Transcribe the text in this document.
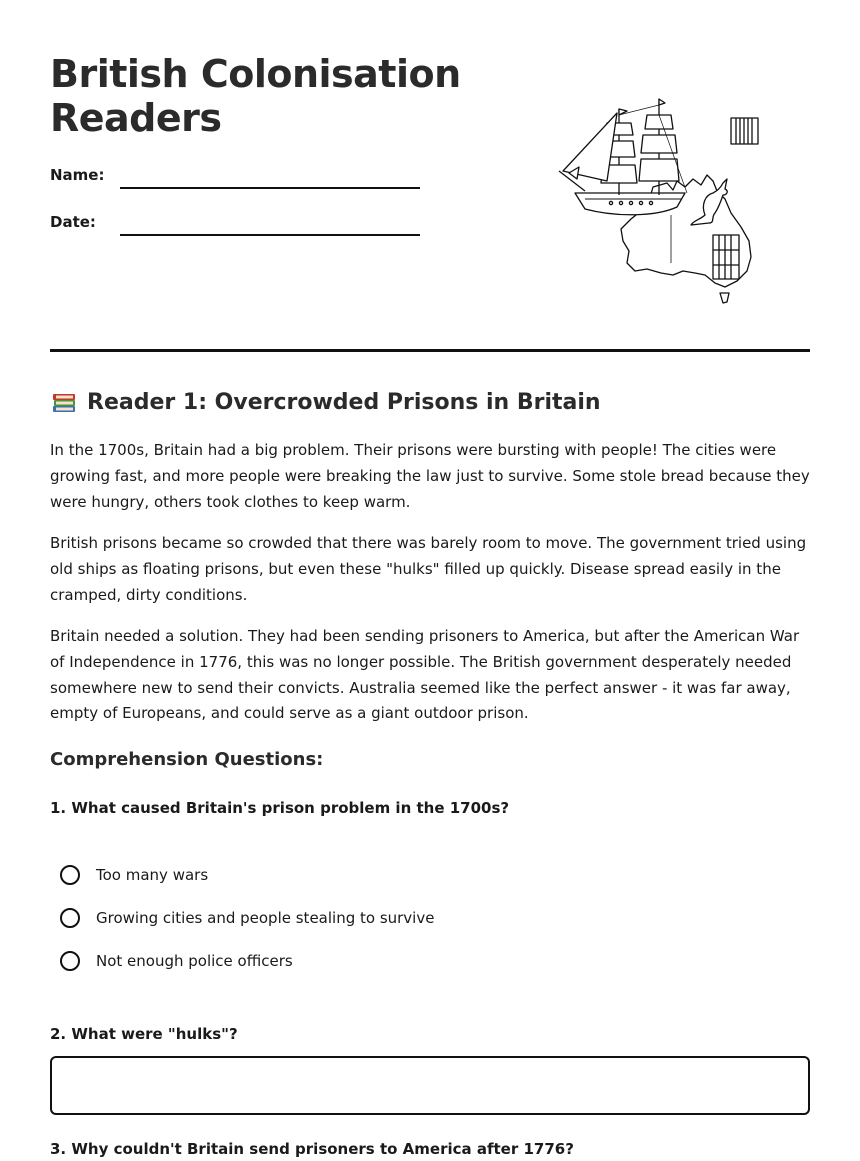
British Colonisation
Readers
Name:
Date:
Reader 1: Overcrowded Prisons in Britain

In the 1700s, Britain had a big problem. Their prisons were bursting with people! The cities were growing fast, and more people were breaking the law just to survive. Some stole bread because they were hungry, others took clothes to keep warm.

British prisons became so crowded that there was barely room to move. The government tried using old ships as floating prisons, but even these "hulks" filled up quickly. Disease spread easily in the cramped, dirty conditions.

Britain needed a solution. They had been sending prisoners to America, but after the American War of Independence in 1776, this was no longer possible. The British government desperately needed somewhere new to send their convicts. Australia seemed like the perfect answer - it was far away, empty of Europeans, and could serve as a giant outdoor prison.

Comprehension Questions:

1. What caused Britain's prison problem in the 1700s?

Too many wars
Growing cities and people stealing to survive
Not enough police officers

2. What were "hulks"?

3. Why couldn't Britain send prisoners to America after 1776?
